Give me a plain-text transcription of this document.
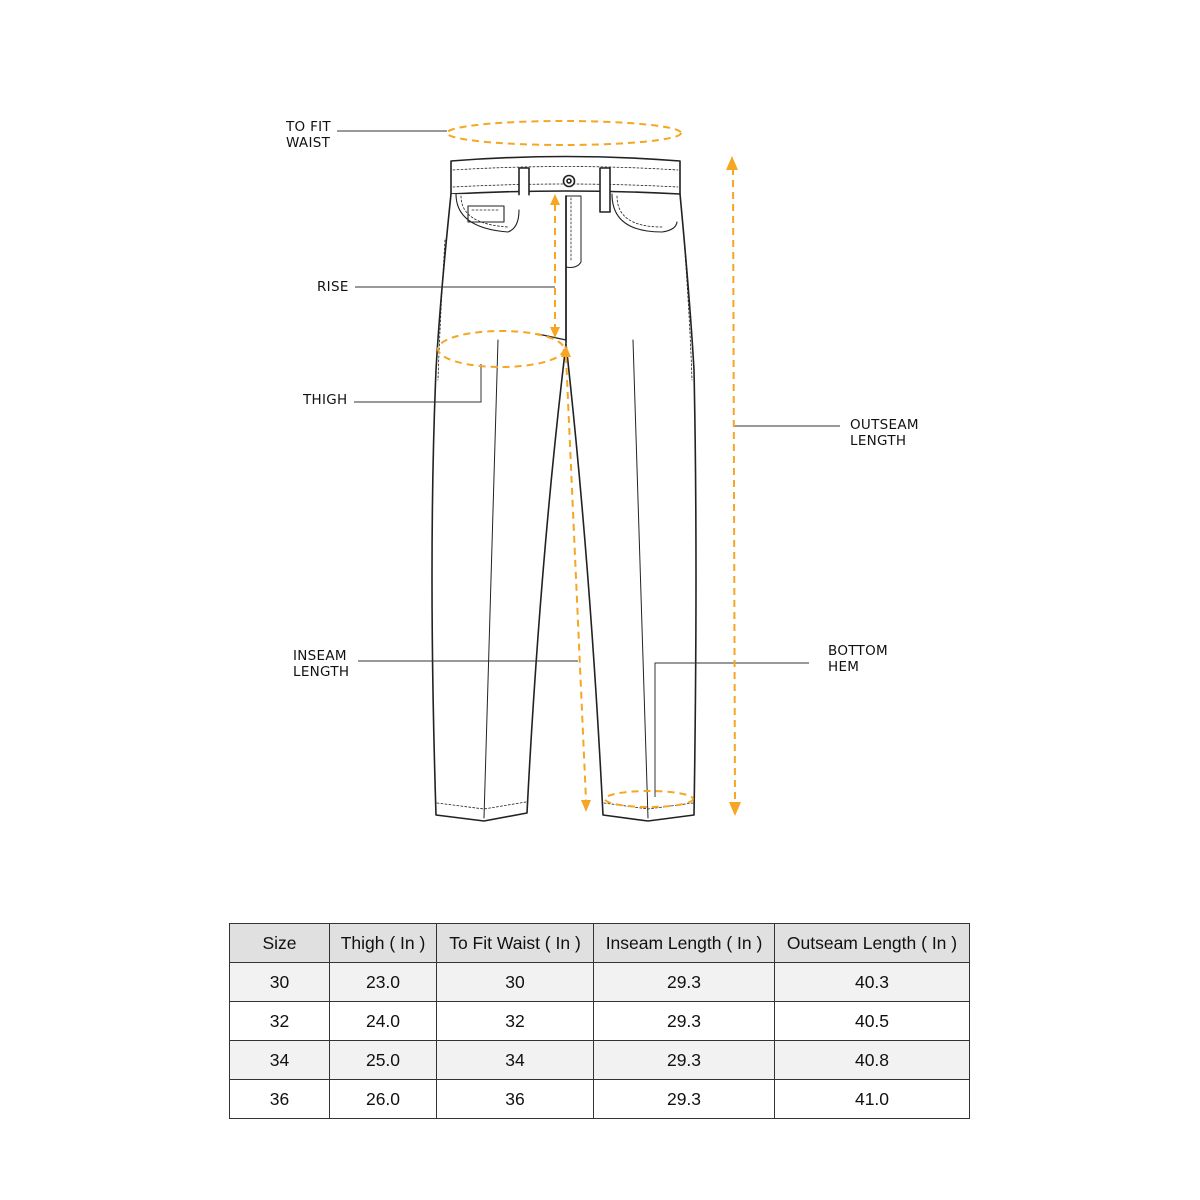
TO FIT
WAIST
RISE
THIGH
INSEAM
LENGTH
OUTSEAM
LENGTH
BOTTOM
HEM
Size	Thigh ( In )	To Fit Waist ( In )	Inseam Length ( In )	Outseam Length ( In )
30	23.0	30	29.3	40.3
32	24.0	32	29.3	40.5
34	25.0	34	29.3	40.8
36	26.0	36	29.3	41.0
